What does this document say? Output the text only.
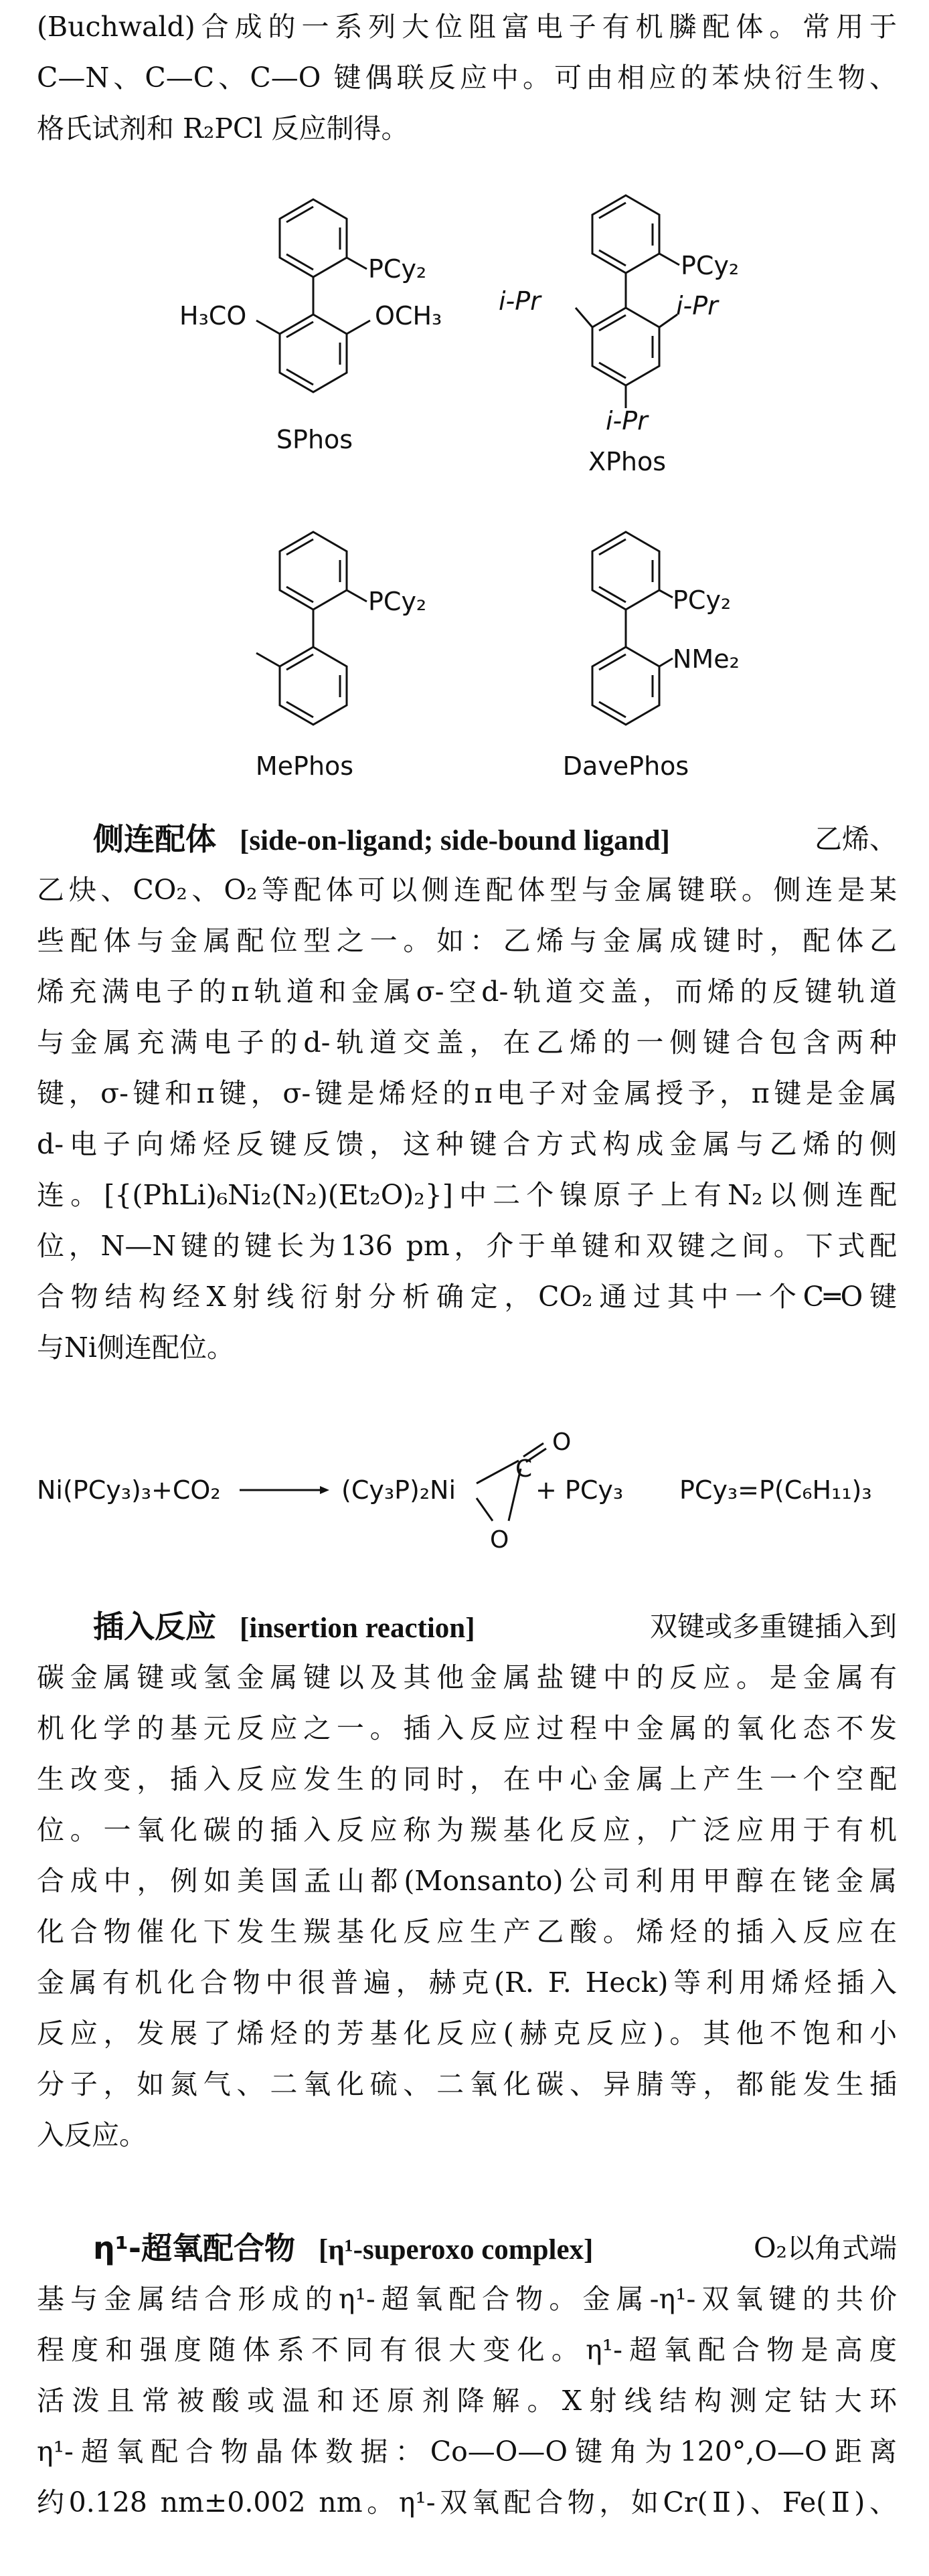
(Buchwald)合成的一系列大位阻富电子有机膦配体。常用于
C—N、C—C、C—O 键偶联反应中。可由相应的苯炔衍生物、
格氏试剂和 R₂PCl 反应制得。
PCy₂
H₃CO	OCH₃
SPhos
PCy₂
i-Pr	i-Pr
i-Pr
XPhos
PCy₂
MePhos
PCy₂
NMe₂
DavePhos
侧连配体 [side-on-ligand; side-bound ligand]	乙烯、
乙炔、CO₂、O₂等配体可以侧连配体型与金属键联。侧连是某
些配体与金属配位型之一。如：乙烯与金属成键时，配体乙
烯充满电子的π轨道和金属σ-空d-轨道交盖，而烯的反键轨道
与金属充满电子的d-轨道交盖，在乙烯的一侧键合包含两种
键，σ-键和π键，σ-键是烯烃的π电子对金属授予，π键是金属
d-电子向烯烃反键反馈，这种键合方式构成金属与乙烯的侧
连。[{(PhLi)₆Ni₂(N₂)(Et₂O)₂}]中二个镍原子上有N₂以侧连配
位，N—N键的键长为136 pm，介于单键和双键之间。下式配
合物结构经X射线衍射分析确定，CO₂通过其中一个C═O键
与Ni侧连配位。
Ni(PCy₃)₃+CO₂	(Cy₃P)₂Ni
O
C
O
+ PCy₃ PCy₃=P(C₆H₁₁)₃
插入反应 [insertion reaction]	双键或多重键插入到
碳金属键或氢金属键以及其他金属盐键中的反应。是金属有
机化学的基元反应之一。插入反应过程中金属的氧化态不发
生改变，插入反应发生的同时，在中心金属上产生一个空配
位。一氧化碳的插入反应称为羰基化反应，广泛应用于有机
合成中，例如美国孟山都(Monsanto)公司利用甲醇在铑金属
化合物催化下发生羰基化反应生产乙酸。烯烃的插入反应在
金属有机化合物中很普遍，赫克(R. F. Heck)等利用烯烃插入
反应，发展了烯烃的芳基化反应(赫克反应)。其他不饱和小
分子，如氮气、二氧化硫、二氧化碳、异腈等，都能发生插
入反应。
η¹-超氧配合物 [η¹-superoxo complex]	O₂以角式端
基与金属结合形成的η¹-超氧配合物。金属-η¹-双氧键的共价
程度和强度随体系不同有很大变化。η¹-超氧配合物是高度
活泼且常被酸或温和还原剂降解。X射线结构测定钴大环
η¹-超氧配合物晶体数据：Co—O—O键角为120°,O—O距离
约0.128 nm±0.002 nm。η¹-双氧配合物，如Cr(Ⅱ)、Fe(Ⅱ)、
